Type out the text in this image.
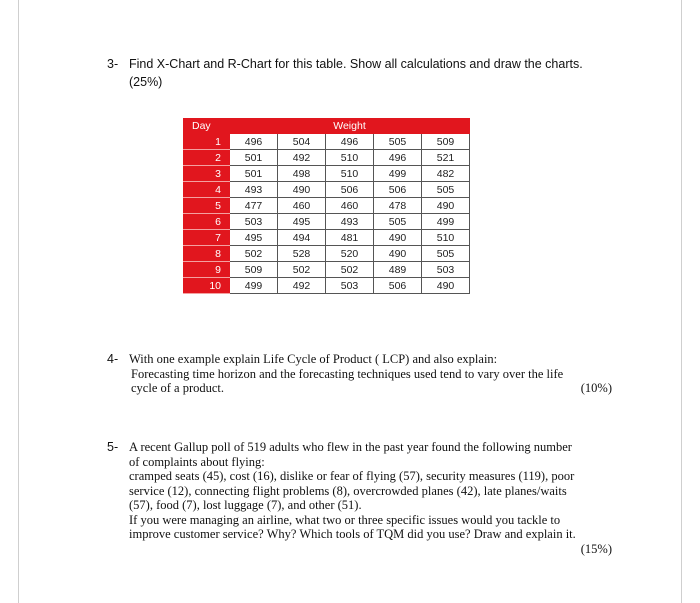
3- Find X-Chart and R-Chart for this table. Show all calculations and draw the charts.
(25%)
Day	Weight				
1	496	504	496	505	509
2	501	492	510	496	521
3	501	498	510	499	482
4	493	490	506	506	505
5	477	460	460	478	490
6	503	495	493	505	499
7	495	494	481	490	510
8	502	528	520	490	505
9	509	502	502	489	503
10	499	492	503	506	490
4- With one example explain Life Cycle of Product ( LCP) and also explain:
Forecasting time horizon and the forecasting techniques used tend to vary over the life
cycle of a product.	(10%)
5- A recent Gallup poll of 519 adults who flew in the past year found the following number
of complaints about flying:
cramped seats (45), cost (16), dislike or fear of flying (57), security measures (119), poor
service (12), connecting flight problems (8), overcrowded planes (42), late planes/waits
(57), food (7), lost luggage (7), and other (51).
If you were managing an airline, what two or three specific issues would you tackle to
improve customer service? Why? Which tools of TQM did you use? Draw and explain it.
(15%)
